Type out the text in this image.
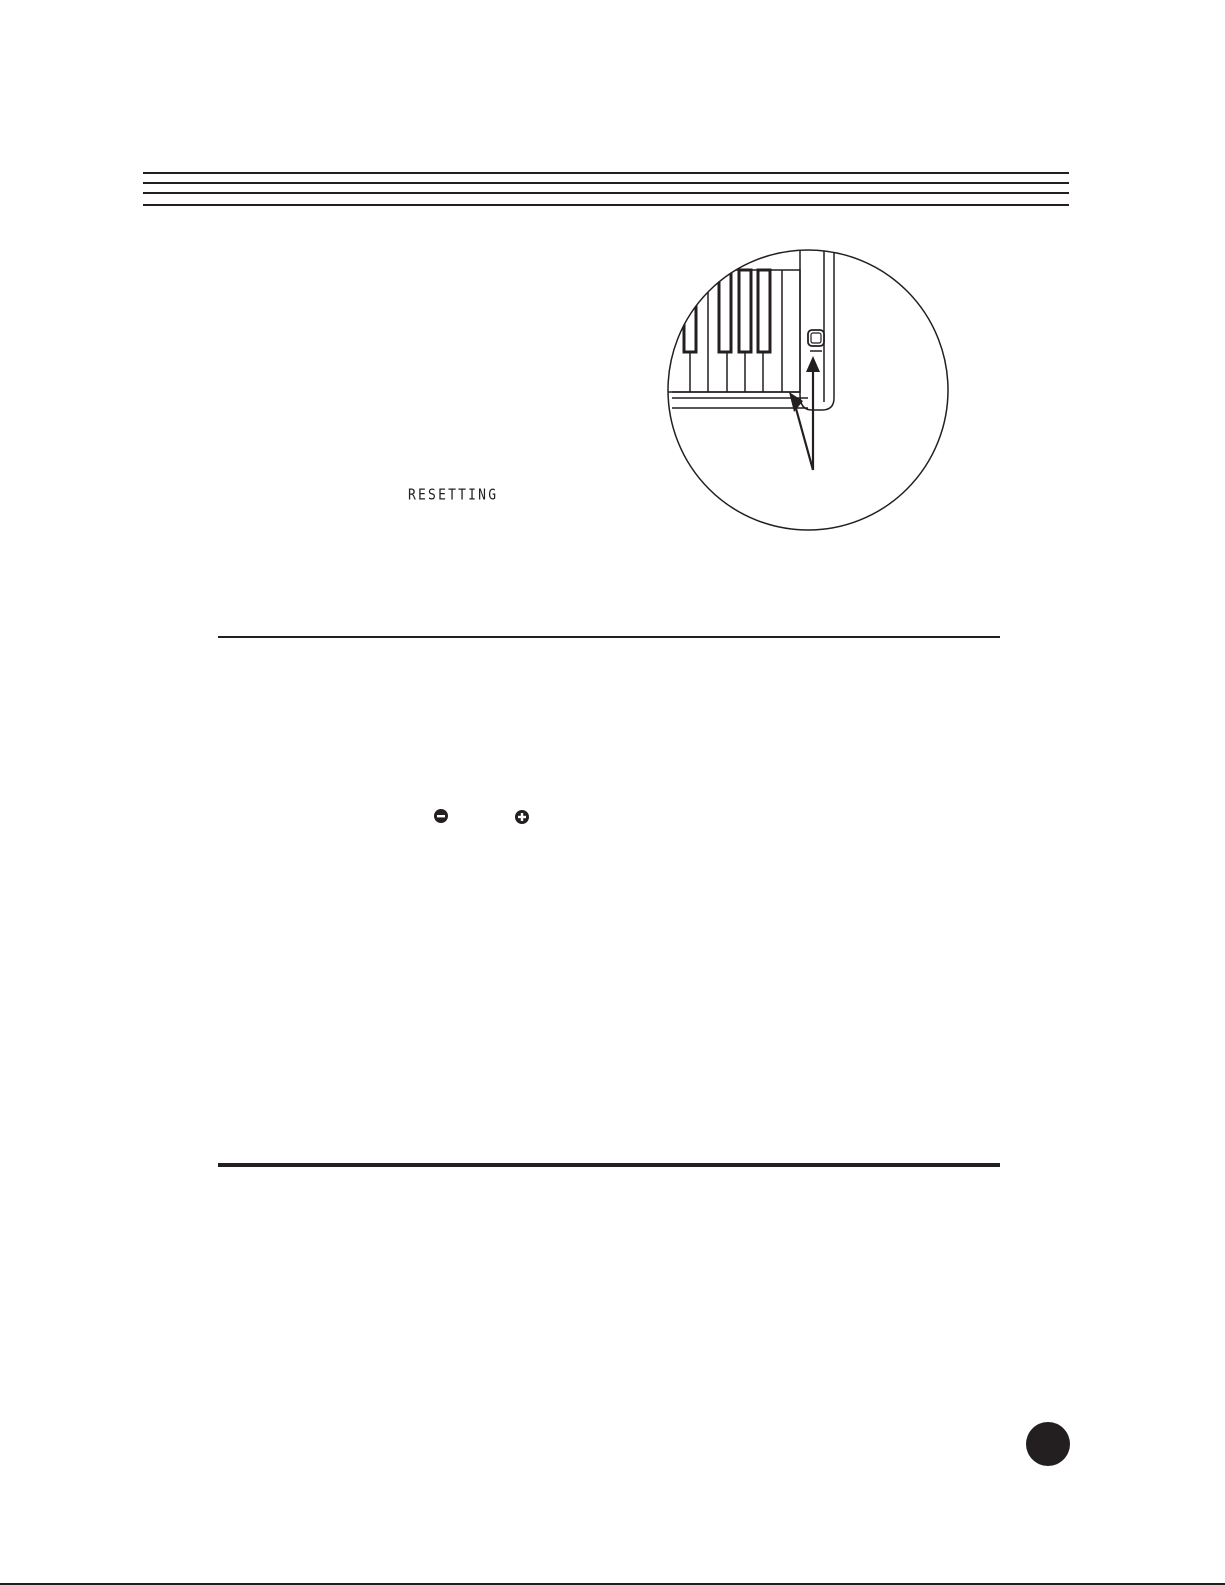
RESETTING
